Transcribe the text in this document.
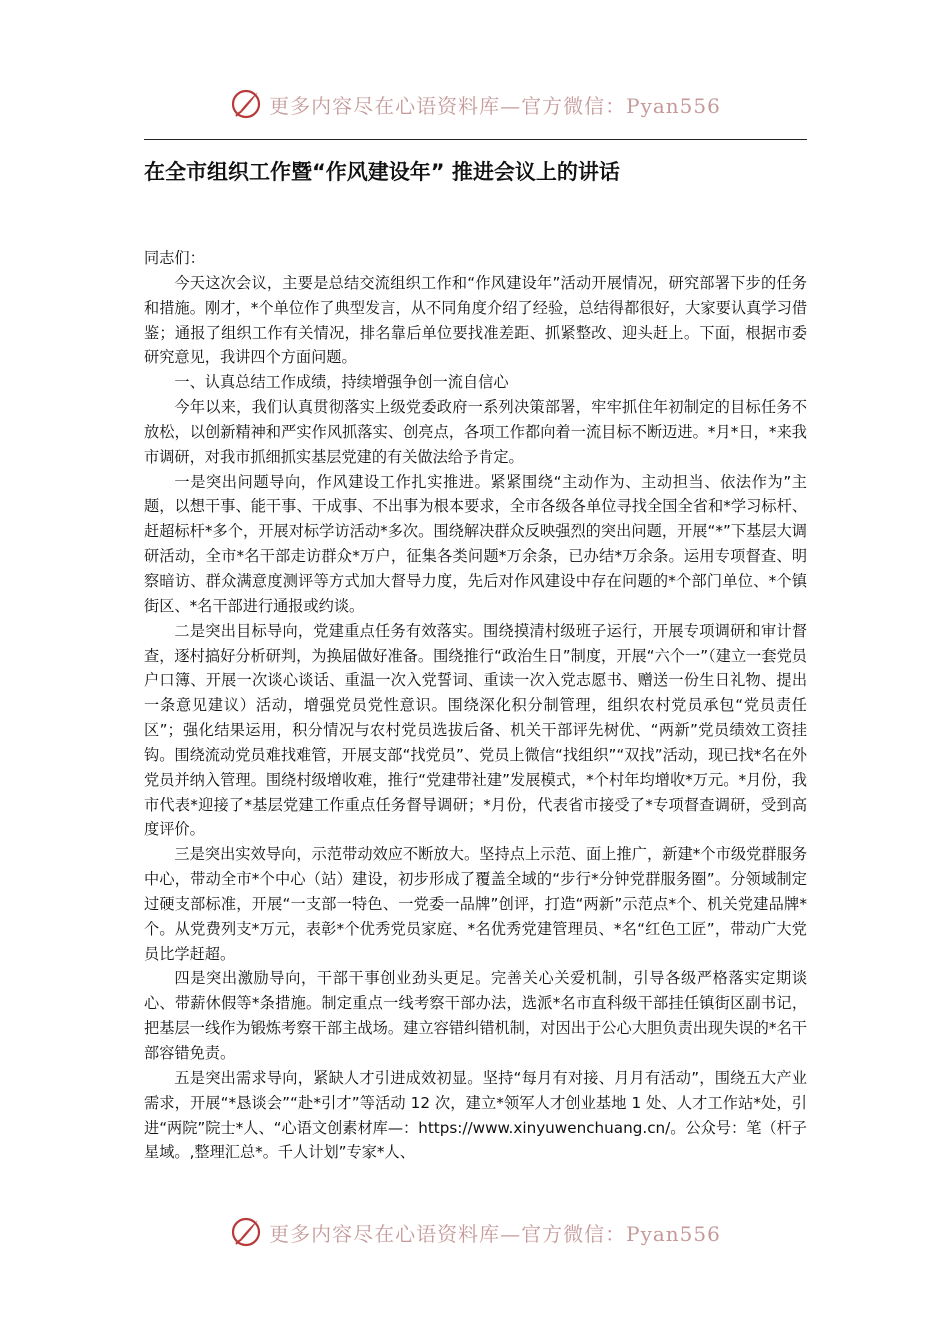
更多内容尽在心语资料库—官方微信：Pyan556
在全市组织工作暨“作风建设年” 推进会议上的讲话

同志们：

今天这次会议，主要是总结交流组织工作和“作风建设年”活动开展情况，研究部署下步的任务和措施。刚才，*个单位作了典型发言，从不同角度介绍了经验，总结得都很好，大家要认真学习借鉴；通报了组织工作有关情况，排名靠后单位要找准差距、抓紧整改、迎头赶上。下面，根据市委研究意见，我讲四个方面问题。

一、认真总结工作成绩，持续增强争创一流自信心

今年以来，我们认真贯彻落实上级党委政府一系列决策部署，牢牢抓住年初制定的目标任务不放松，以创新精神和严实作风抓落实、创亮点，各项工作都向着一流目标不断迈进。*月*日，*来我市调研，对我市抓细抓实基层党建的有关做法给予肯定。

一是突出问题导向，作风建设工作扎实推进。紧紧围绕“主动作为、主动担当、依法作为”主题，以想干事、能干事、干成事、不出事为根本要求，全市各级各单位寻找全国全省和*学习标杆、赶超标杆*多个，开展对标学访活动*多次。围绕解决群众反映强烈的突出问题，开展“*”下基层大调研活动，全市*名干部走访群众*万户，征集各类问题*万余条，已办结*万余条。运用专项督查、明察暗访、群众满意度测评等方式加大督导力度，先后对作风建设中存在问题的*个部门单位、*个镇街区、*名干部进行通报或约谈。

二是突出目标导向，党建重点任务有效落实。围绕摸清村级班子运行，开展专项调研和审计督查，逐村搞好分析研判，为换届做好准备。围绕推行“政治生日”制度，开展“六个一”（建立一套党员户口簿、开展一次谈心谈话、重温一次入党誓词、重读一次入党志愿书、赠送一份生日礼物、提出一条意见建议）活动，增强党员党性意识。围绕深化积分制管理，组织农村党员承包“党员责任区”；强化结果运用，积分情况与农村党员选拔后备、机关干部评先树优、“两新”党员绩效工资挂钩。围绕流动党员难找难管，开展支部“找党员”、党员上微信“找组织”“双找”活动，现已找*名在外党员并纳入管理。围绕村级增收难，推行“党建带社建”发展模式，*个村年均增收*万元。*月份，我市代表*迎接了*基层党建工作重点任务督导调研；*月份，代表省市接受了*专项督查调研，受到高度评价。

三是突出实效导向，示范带动效应不断放大。坚持点上示范、面上推广，新建*个市级党群服务中心，带动全市*个中心（站）建设，初步形成了覆盖全域的“步行*分钟党群服务圈”。分领域制定过硬支部标准，开展“一支部一特色、一党委一品牌”创评，打造“两新”示范点*个、机关党建品牌*个。从党费列支*万元，表彰*个优秀党员家庭、*名优秀党建管理员、*名“红色工匠”，带动广大党员比学赶超。

四是突出激励导向，干部干事创业劲头更足。完善关心关爱机制，引导各级严格落实定期谈心、带薪休假等*条措施。制定重点一线考察干部办法，选派*名市直科级干部挂任镇街区副书记，把基层一线作为锻炼考察干部主战场。建立容错纠错机制，对因出于公心大胆负责出现失误的*名干部容错免责。

五是突出需求导向，紧缺人才引进成效初显。坚持“每月有对接、月月有活动”，围绕五大产业需求，开展“*恳谈会”“赴*引才”等活动 12 次，建立*领军人才创业基地 1 处、人才工作站*处，引进“两院”院士*人、“心语文创素材库—：https://www.xinyuwenchuang.cn/。公众号：笔（杆子星域。,整理汇总*。千人计划”专家*人、

更多内容尽在心语资料库—官方微信：Pyan556
